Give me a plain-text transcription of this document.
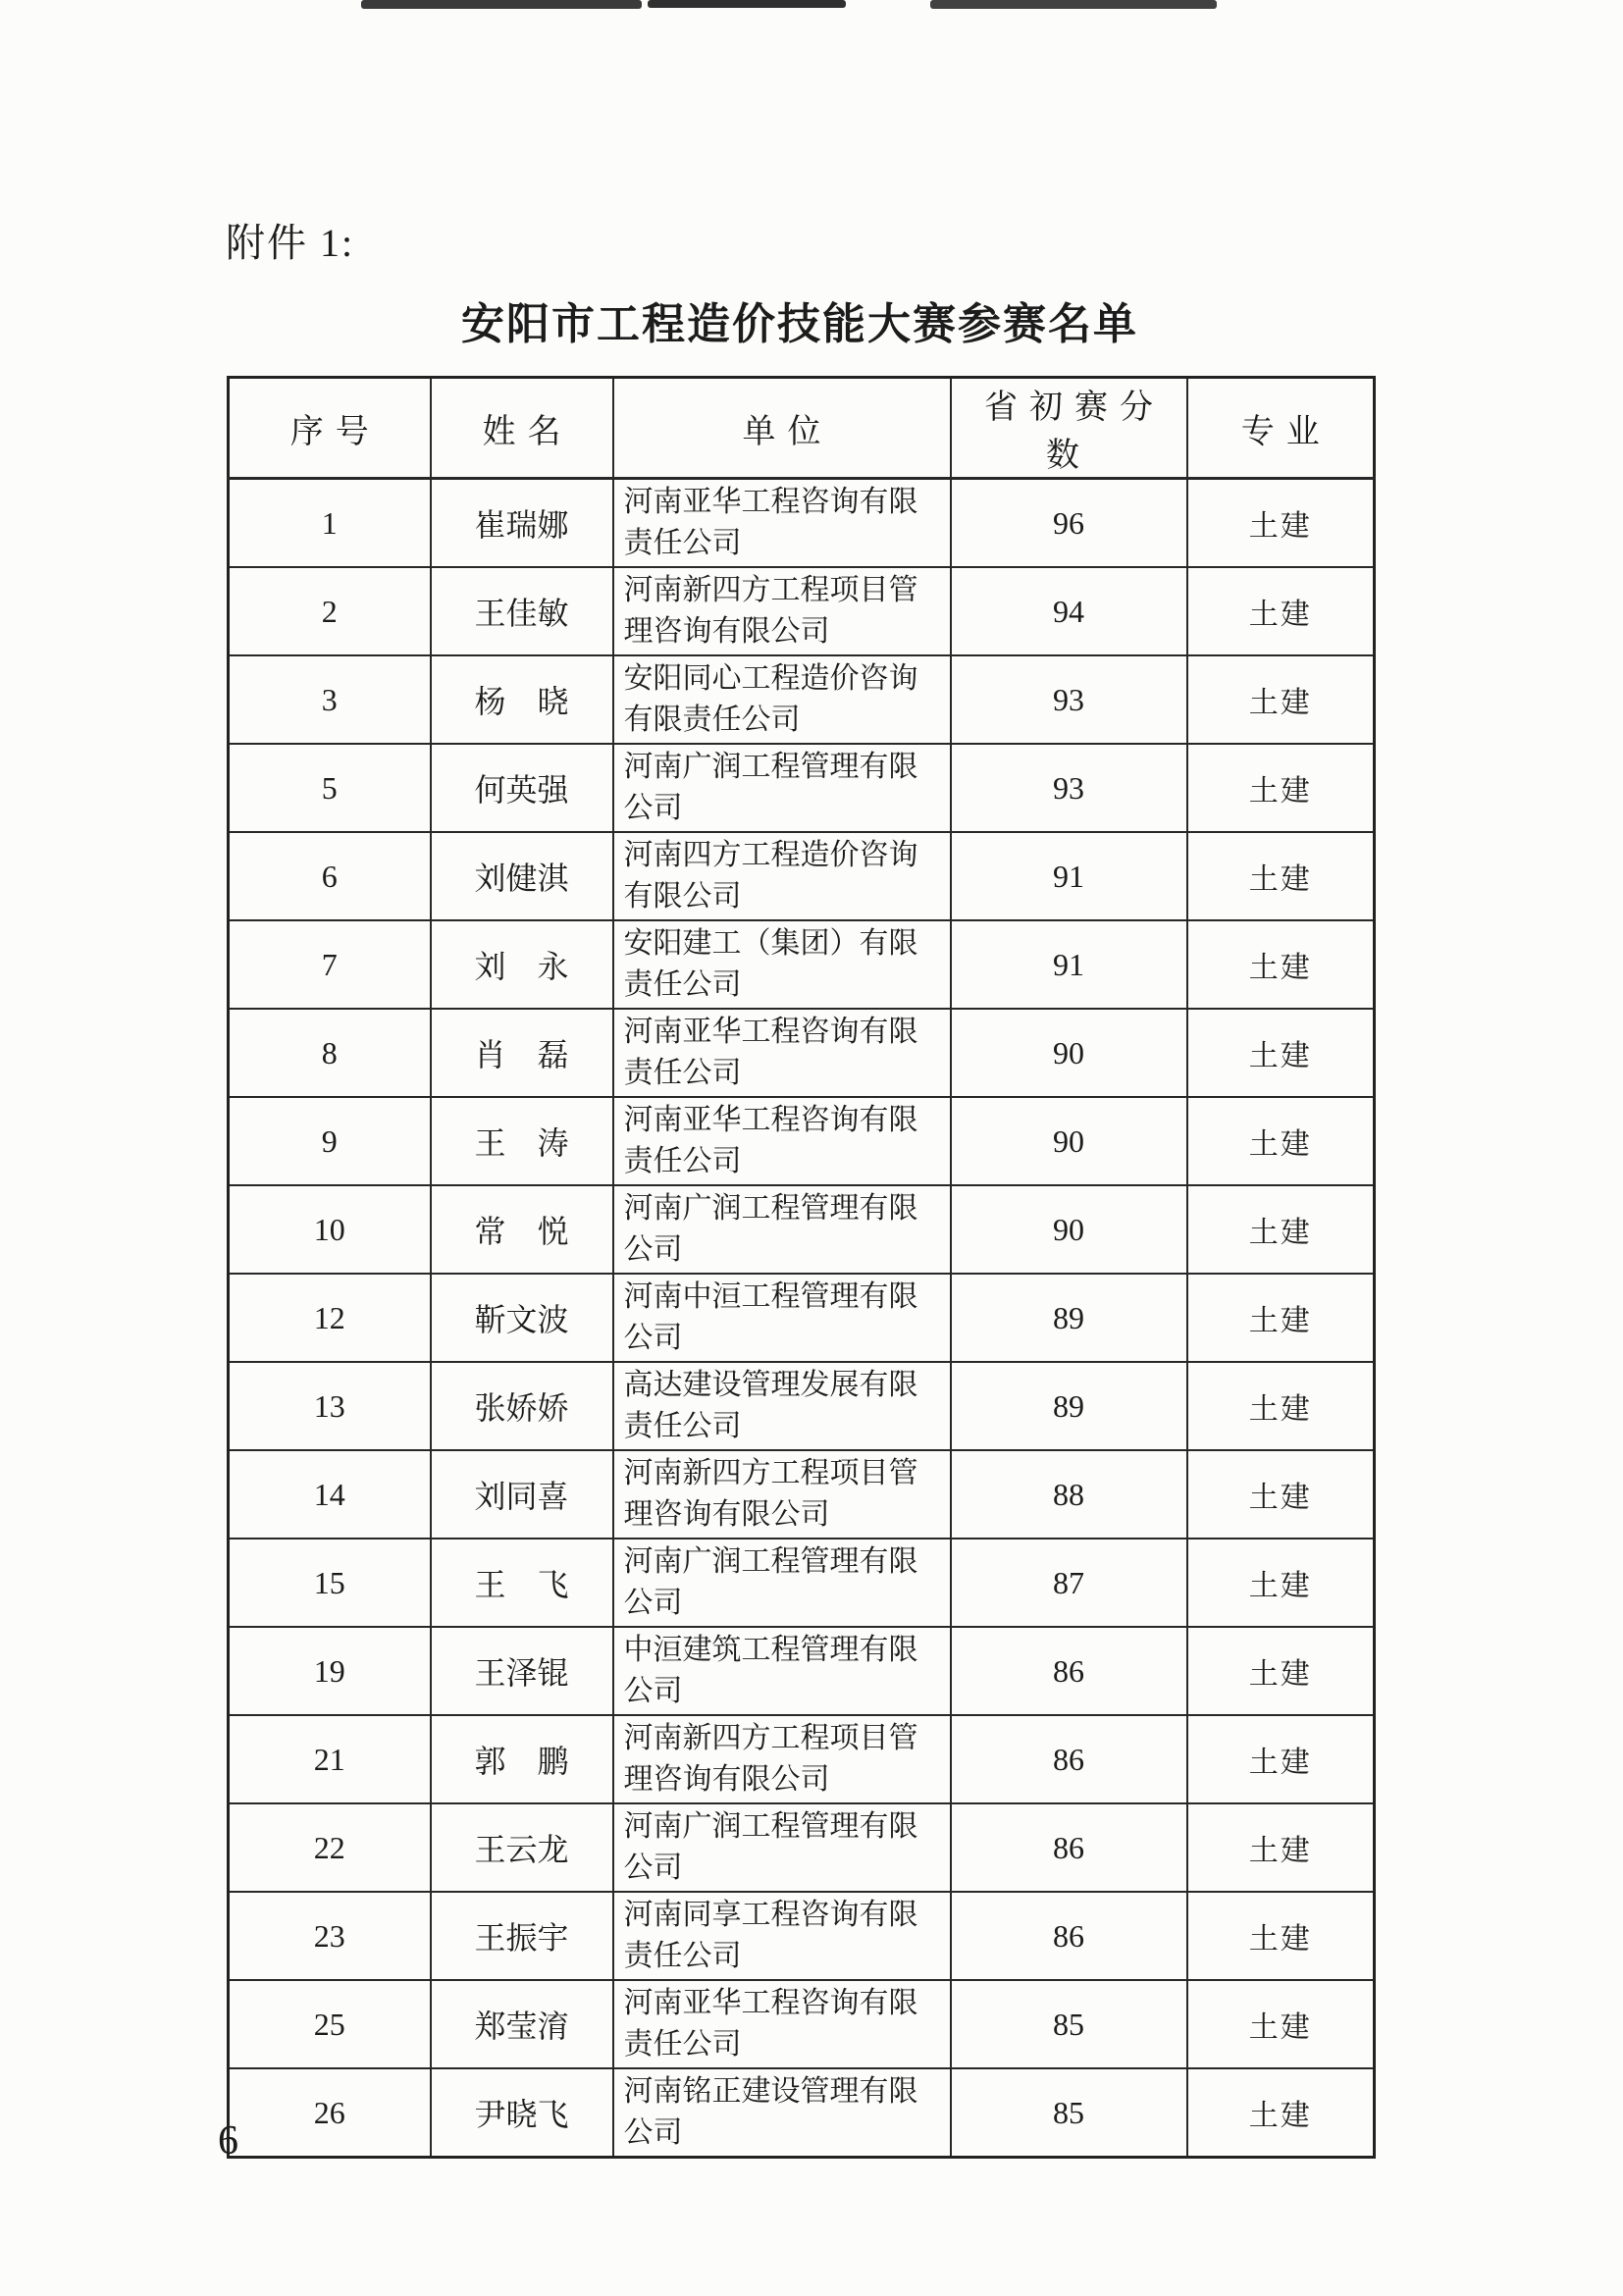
附件 1:
安阳市工程造价技能大赛参赛名单
序号	姓名	单位	省初赛分数	专业
1	崔瑞娜	河南亚华工程咨询有限责任公司	96	土建
2	王佳敏	河南新四方工程项目管理咨询有限公司	94	土建
3	杨　晓	安阳同心工程造价咨询有限责任公司	93	土建
5	何英强	河南广润工程管理有限公司	93	土建
6	刘健淇	河南四方工程造价咨询有限公司	91	土建
7	刘　永	安阳建工（集团）有限责任公司	91	土建
8	肖　磊	河南亚华工程咨询有限责任公司	90	土建
9	王　涛	河南亚华工程咨询有限责任公司	90	土建
10	常　悦	河南广润工程管理有限公司	90	土建
12	靳文波	河南中洹工程管理有限公司	89	土建
13	张娇娇	高达建设管理发展有限责任公司	89	土建
14	刘同喜	河南新四方工程项目管理咨询有限公司	88	土建
15	王　飞	河南广润工程管理有限公司	87	土建
19	王泽锟	中洹建筑工程管理有限公司	86	土建
21	郭　鹏	河南新四方工程项目管理咨询有限公司	86	土建
22	王云龙	河南广润工程管理有限公司	86	土建
23	王振宇	河南同享工程咨询有限责任公司	86	土建
25	郑莹淯	河南亚华工程咨询有限责任公司	85	土建
26	尹晓飞	河南铭正建设管理有限公司	85	土建
6
